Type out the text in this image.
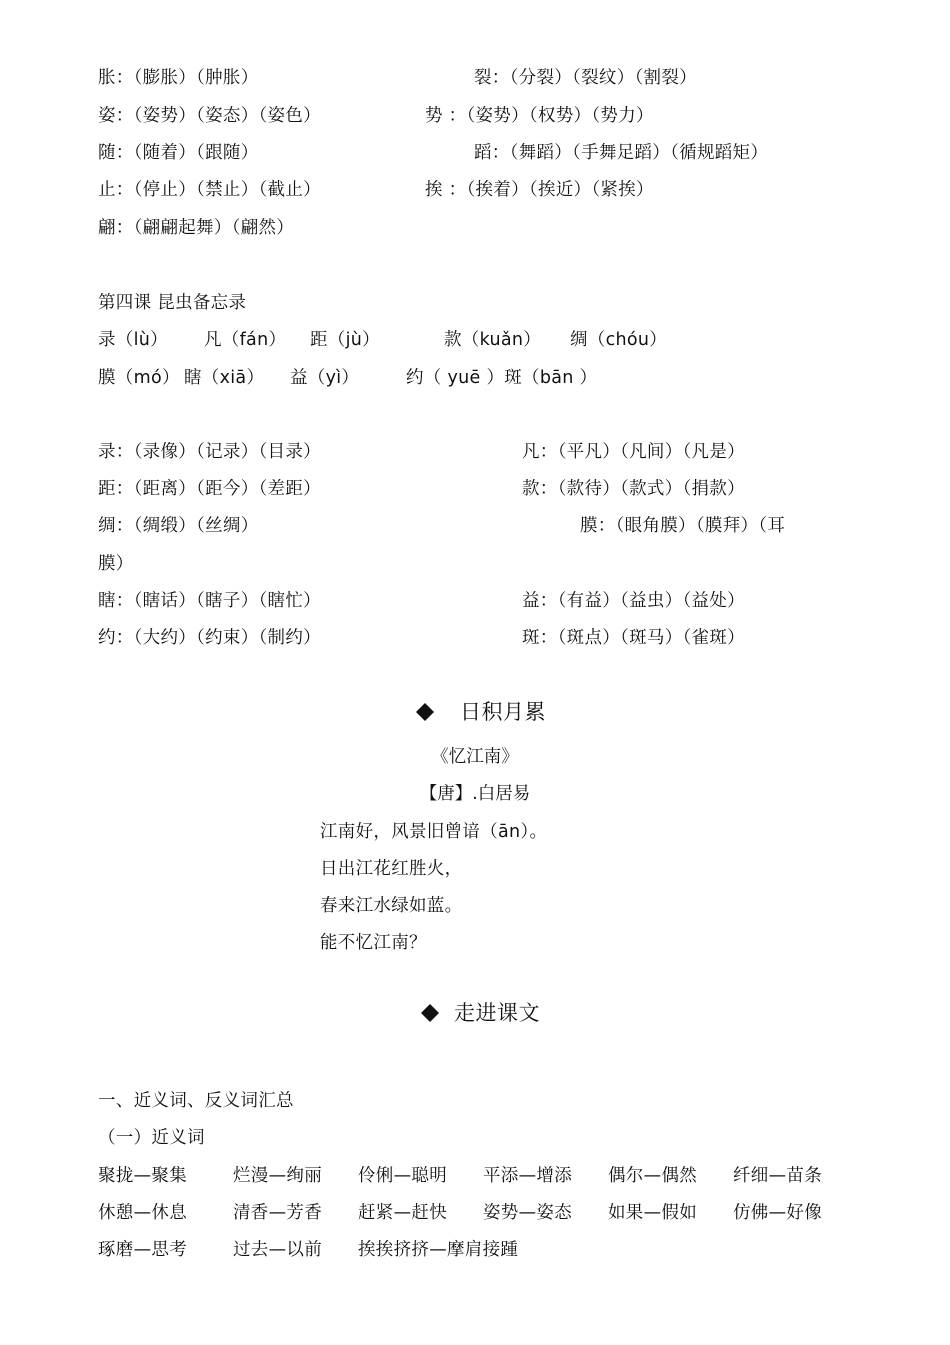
胀：（膨胀）（肿胀）	裂：（分裂）（裂纹）（割裂）
姿：（姿势）（姿态）（姿色）	势 ：（姿势）（权势）（势力）
随：（随着）（跟随）	蹈：（舞蹈）（手舞足蹈）（循规蹈矩）
止：（停止）（禁止）（截止）	挨 ：（挨着）（挨近）（紧挨）
翩：（翩翩起舞）（翩然）
第四课 昆虫备忘录
录（lù） 凡（fán） 距（jù）	款（kuǎn） 绸（chóu）
膜（mó） 瞎（xiā） 益（yì）	约（ yuē ）斑（bān ）
录：（录像）（记录）（目录）	凡：（平凡）（凡间）（凡是）
距：（距离）（距今）（差距）	款：（款待）（款式）（捐款）
绸：（绸缎）（丝绸）	膜：（眼角膜）（膜拜）（耳
膜）
瞎：（瞎话）（瞎子）（瞎忙）	益：（有益）（益虫）（益处）
约：（大约）（约束）（制约）	斑：（斑点）（斑马）（雀斑）
日积月累
《忆江南》
【唐】.白居易
江南好，风景旧曾谙（ān）。
日出江花红胜火，
春来江水绿如蓝。
能不忆江南？
走进课文
一、近义词、反义词汇总
（一）近义词
聚拢—聚集	烂漫—绚丽 伶俐—聪明 平添—增添 偶尔—偶然 纤细—苗条
休憩—休息	清香—芳香 赶紧—赶快 姿势—姿态 如果—假如 仿佛—好像
琢磨—思考	过去—以前 挨挨挤挤—摩肩接踵
